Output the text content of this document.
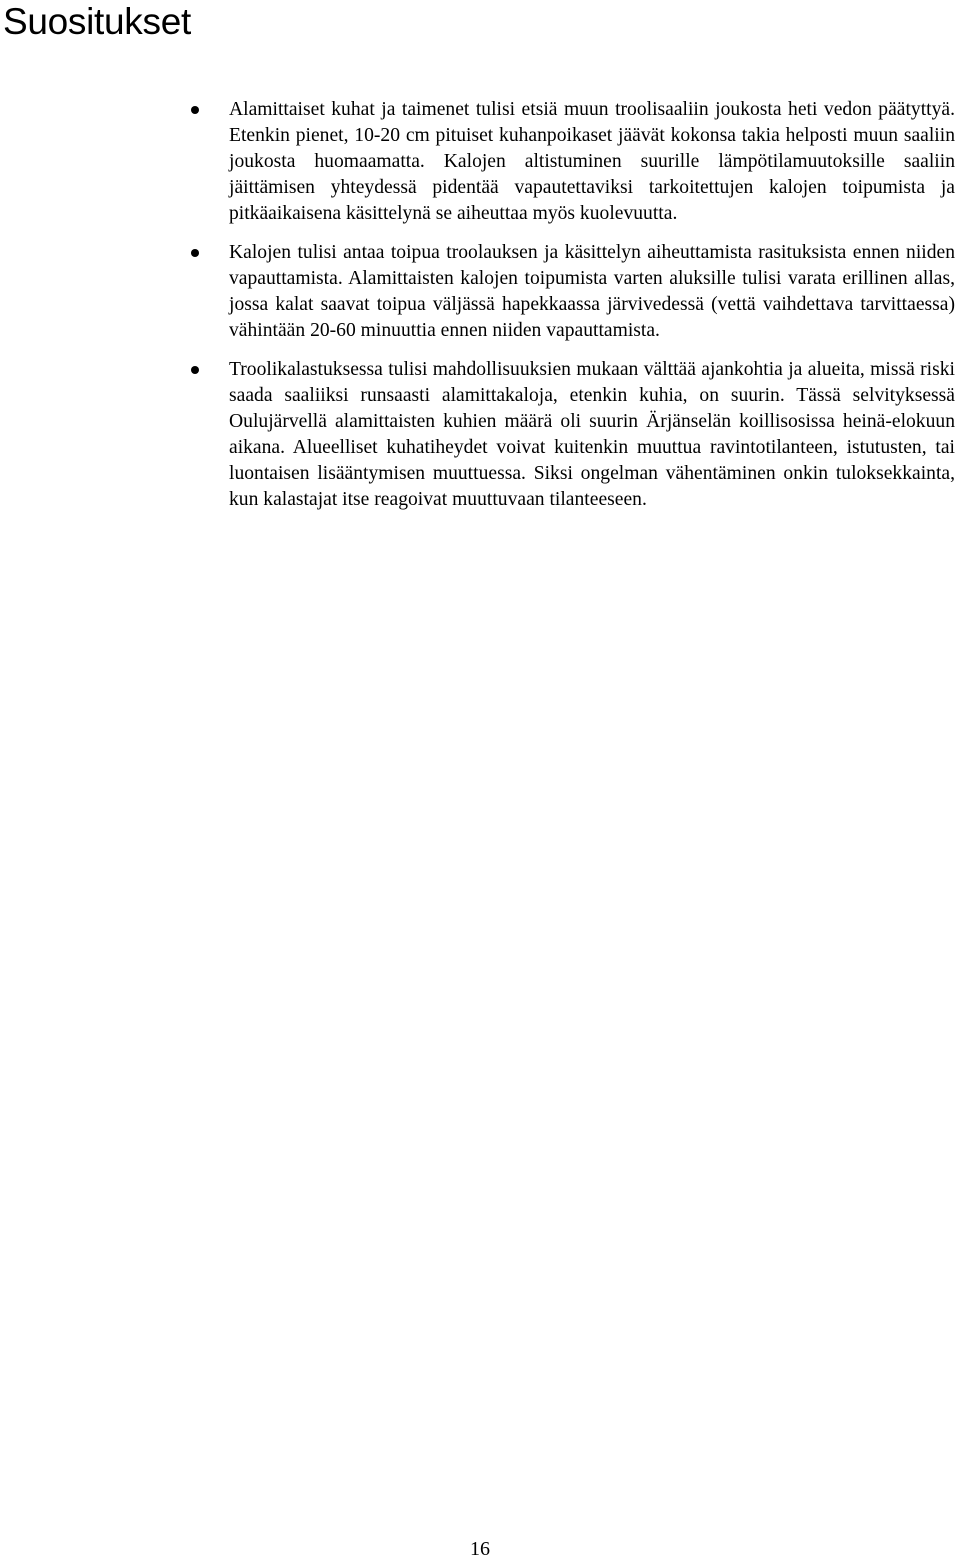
Suositukset
Alamittaiset kuhat ja taimenet tulisi etsiä muun troolisaaliin joukosta heti vedon päätyttyä. Etenkin pienet, 10-20 cm pituiset kuhanpoikaset jäävät kokonsa takia helposti muun saaliin joukosta huomaamatta. Kalojen altistuminen suurille lämpötilamuutoksille saaliin jäittämisen yhteydessä pidentää vapautettaviksi tarkoitettujen kalojen toipumista ja pitkäaikaisena käsittelynä se aiheuttaa myös kuolevuutta.
Kalojen tulisi antaa toipua troolauksen ja käsittelyn aiheuttamista rasituksista ennen niiden vapauttamista. Alamittaisten kalojen toipumista varten aluksille tulisi varata erillinen allas, jossa kalat saavat toipua väljässä hapekkaassa järvivedessä (vettä vaihdettava tarvittaessa) vähintään 20-60 minuuttia ennen niiden vapauttamista.
Troolikalastuksessa tulisi mahdollisuuksien mukaan välttää ajankohtia ja alueita, missä riski saada saaliiksi runsaasti alamittakaloja, etenkin kuhia, on suurin. Tässä selvityksessä Oulujärvellä alamittaisten kuhien määrä oli suurin Ärjänselän koillisosissa heinä-elokuun aikana. Alueelliset kuhatiheydet voivat kuitenkin muuttua ravintotilanteen, istutusten, tai luontaisen lisääntymisen muuttuessa. Siksi ongelman vähentäminen onkin tuloksekkainta, kun kalastajat itse reagoivat muuttuvaan tilanteeseen.
16
